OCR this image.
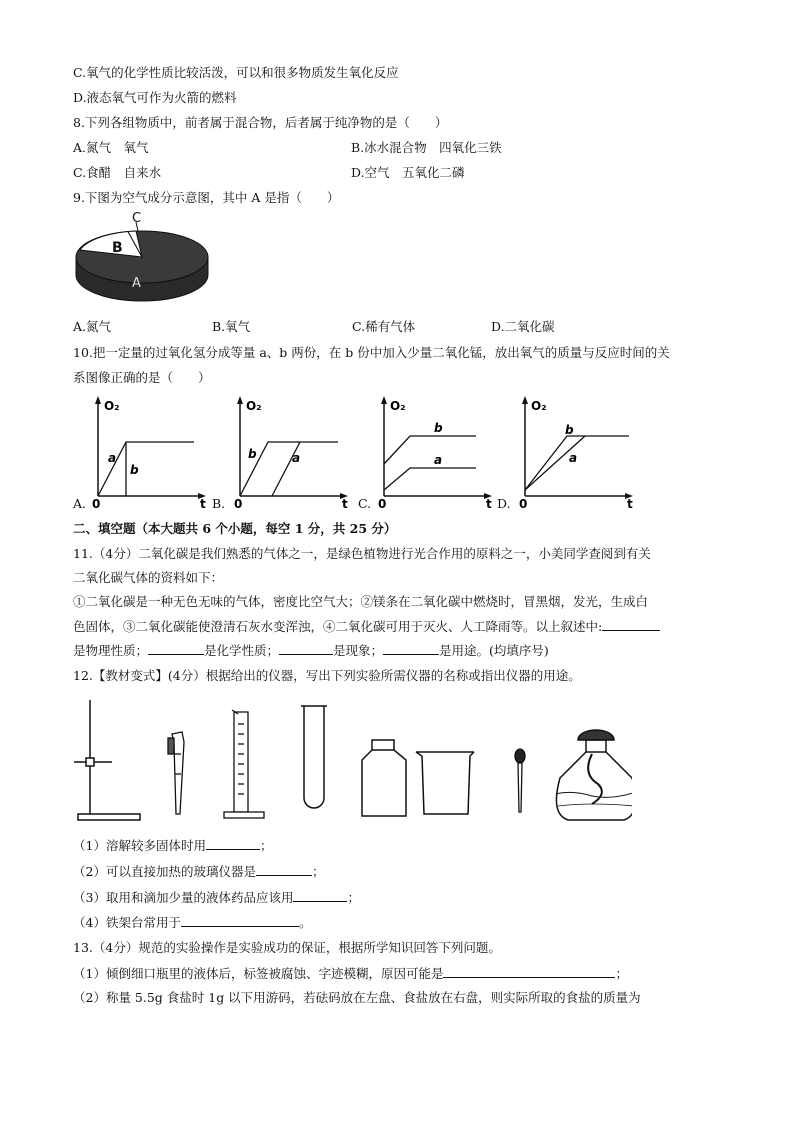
C.氧气的化学性质比较活泼，可以和很多物质发生氧化反应
D.液态氧气可作为火箭的燃料
8.下列各组物质中，前者属于混合物，后者属于纯净物的是（　　）
A.氮气　氧气	B.冰水混合物　四氧化三铁
C.食醋　自来水	D.空气　五氧化二磷
9.下图为空气成分示意图，其中 A 是指（　　）
C
B
A
A.氮气	B.氧气	C.稀有气体	D.二氧化碳
10.把一定量的过氧化氢分成等量 a、b 两份，在 b 份中加入少量二氧化锰，放出氧气的质量与反应时间的关
系图像正确的是（　　）
O₂
0	t
a
b
A.
O₂
0	t
b	a
B.
O₂
0	t
b
a
C.
O₂
0	t
b
a
D.
二、填空题（本大题共 6 个小题，每空 1 分，共 25 分）
11.（4分）二氧化碳是我们熟悉的气体之一，是绿色植物进行光合作用的原料之一，小美同学查阅到有关
二氧化碳气体的资料如下：
①二氧化碳是一种无色无味的气体，密度比空气大；②镁条在二氧化碳中燃烧时，冒黑烟，发光，生成白
色固体，③二氧化碳能使澄清石灰水变浑浊，④二氧化碳可用于灭火、人工降雨等。以上叙述中:
是物理性质；	是化学性质；	是现象；	是用途。(均填序号)
12.【教材变式】(4分）根据给出的仪器，写出下列实验所需仪器的名称或指出仪器的用途。
（1）溶解较多固体时用	；
（2）可以直接加热的玻璃仪器是	；
（3）取用和滴加少量的液体药品应该用	；
（4）铁架台常用于	。
13.（4分）规范的实验操作是实验成功的保证，根据所学知识回答下列问题。
（1）倾倒细口瓶里的液体后，标签被腐蚀、字迹模糊，原因可能是	；
（2）称量 5.5g 食盐时 1g 以下用游码，若砝码放在左盘、食盐放在右盘，则实际所取的食盐的质量为
